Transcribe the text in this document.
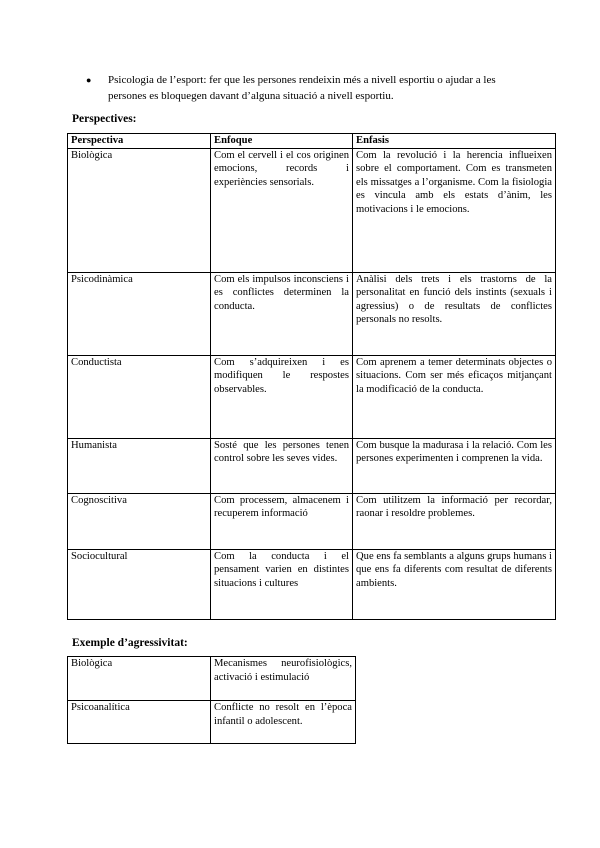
● Psicologia de l’esport: fer que les persones rendeixin més a nivell esportiu o ajudar a les persones es bloquegen davant d’alguna situació a nivell esportiu.
Perspectives:
Perspectiva	Enfoque	Enfasis
Biològica	Com el cervell i el cos originen emocions, records i experiències sensorials.	Com la revolució i la herencia influeixen sobre el comportament. Com es transmeten els missatges a l’organisme. Com la fisiologia es vincula amb els estats d’ànim, les motivacions i le emocions.
Psicodinàmica	Com els impulsos inconsciens i es conflictes determinen la conducta.	Anàlisi dels trets i els trastorns de la personalitat en funció dels instints (sexuals i agressius) o de resultats de conflictes personals no resolts.
Conductista	Com s’adquireixen i es modifiquen le respostes observables.	Com aprenem a temer determinats objectes o situacions. Com ser més eficaços mitjançant la modificació de la conducta.
Humanista	Sosté que les persones tenen control sobre les seves vides.	Com busque la madurasa i la relació. Com les persones experimenten i comprenen la vida.
Cognoscitiva	Com processem, almacenem i recuperem informació	Com utilitzem la informació per recordar, raonar i resoldre problemes.
Sociocultural	Com la conducta i el pensament varien en distintes situacions i cultures	Que ens fa semblants a alguns grups humans i que ens fa diferents com resultat de diferents ambients.
Exemple d’agressivitat:
Biològica	Mecanismes neurofisiològics, activació i estimulació
Psicoanalítica	Conflicte no resolt en l’època infantil o adolescent.
